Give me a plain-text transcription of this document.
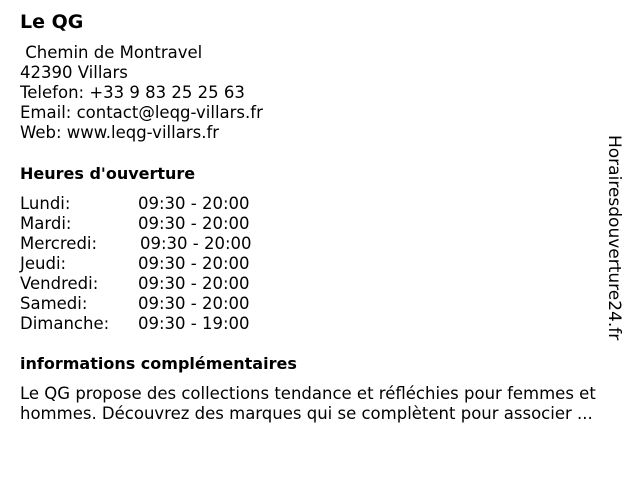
Le QG
Chemin de Montravel
42390 Villars
Telefon: +33 9 83 25 25 63
Email: contact@leqg-villars.fr
Web: www.leqg-villars.fr
Heures d'ouverture
Lundi:	09:30 - 20:00
Mardi:	09:30 - 20:00
Mercredi:	09:30 - 20:00
Jeudi:	09:30 - 20:00
Vendredi:	09:30 - 20:00
Samedi:	09:30 - 20:00
Dimanche:	09:30 - 19:00
informations complémentaires

Le QG propose des collections tendance et réfléchies pour femmes et hommes. Découvrez des marques qui se complètent pour associer ...

Horairesdouverture24.fr
